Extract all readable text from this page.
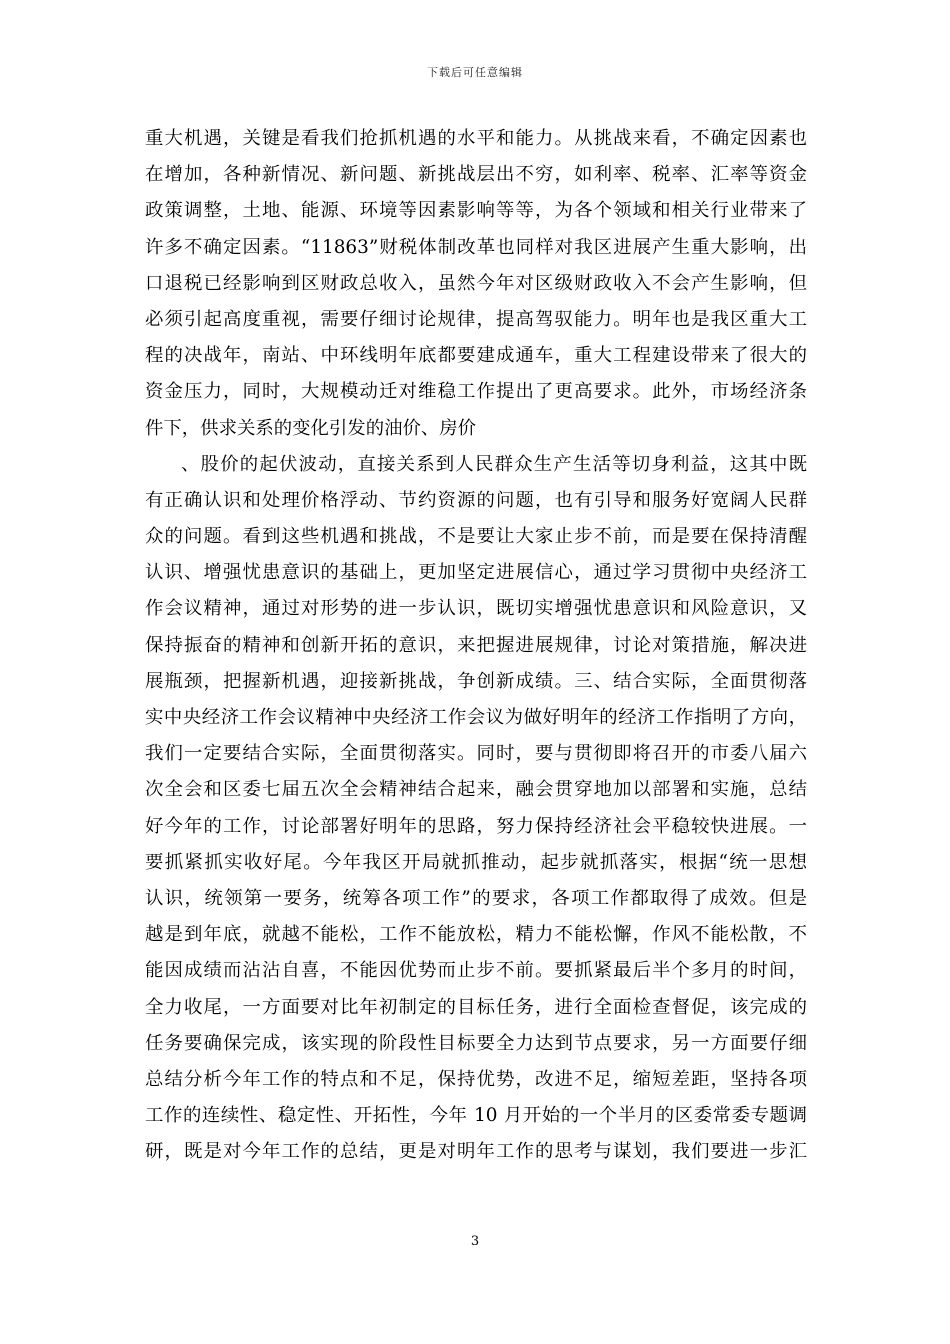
下载后可任意编辑
重大机遇，关键是看我们抢抓机遇的水平和能力。从挑战来看，不确定因素也
在增加，各种新情况、新问题、新挑战层出不穷，如利率、税率、汇率等资金
政策调整，土地、能源、环境等因素影响等等，为各个领域和相关行业带来了
许多不确定因素。“11863”财税体制改革也同样对我区进展产生重大影响，出
口退税已经影响到区财政总收入，虽然今年对区级财政收入不会产生影响，但
必须引起高度重视，需要仔细讨论规律，提高驾驭能力。明年也是我区重大工
程的决战年，南站、中环线明年底都要建成通车，重大工程建设带来了很大的
资金压力，同时，大规模动迁对维稳工作提出了更高要求。此外，市场经济条
件下，供求关系的变化引发的油价、房价
、股价的起伏波动，直接关系到人民群众生产生活等切身利益，这其中既
有正确认识和处理价格浮动、节约资源的问题，也有引导和服务好宽阔人民群
众的问题。看到这些机遇和挑战，不是要让大家止步不前，而是要在保持清醒
认识、增强忧患意识的基础上，更加坚定进展信心，通过学习贯彻中央经济工
作会议精神，通过对形势的进一步认识，既切实增强忧患意识和风险意识，又
保持振奋的精神和创新开拓的意识，来把握进展规律，讨论对策措施，解决进
展瓶颈，把握新机遇，迎接新挑战，争创新成绩。三、结合实际，全面贯彻落
实中央经济工作会议精神中央经济工作会议为做好明年的经济工作指明了方向，
我们一定要结合实际，全面贯彻落实。同时，要与贯彻即将召开的市委八届六
次全会和区委七届五次全会精神结合起来，融会贯穿地加以部署和实施，总结
好今年的工作，讨论部署好明年的思路，努力保持经济社会平稳较快进展。一
要抓紧抓实收好尾。今年我区开局就抓推动，起步就抓落实，根据“统一思想
认识，统领第一要务，统筹各项工作”的要求，各项工作都取得了成效。但是
越是到年底，就越不能松，工作不能放松，精力不能松懈，作风不能松散，不
能因成绩而沾沾自喜，不能因优势而止步不前。要抓紧最后半个多月的时间，
全力收尾，一方面要对比年初制定的目标任务，进行全面检查督促，该完成的
任务要确保完成，该实现的阶段性目标要全力达到节点要求，另一方面要仔细
总结分析今年工作的特点和不足，保持优势，改进不足，缩短差距，坚持各项
工作的连续性、稳定性、开拓性，今年 10 月开始的一个半月的区委常委专题调
研，既是对今年工作的总结，更是对明年工作的思考与谋划，我们要进一步汇
3
